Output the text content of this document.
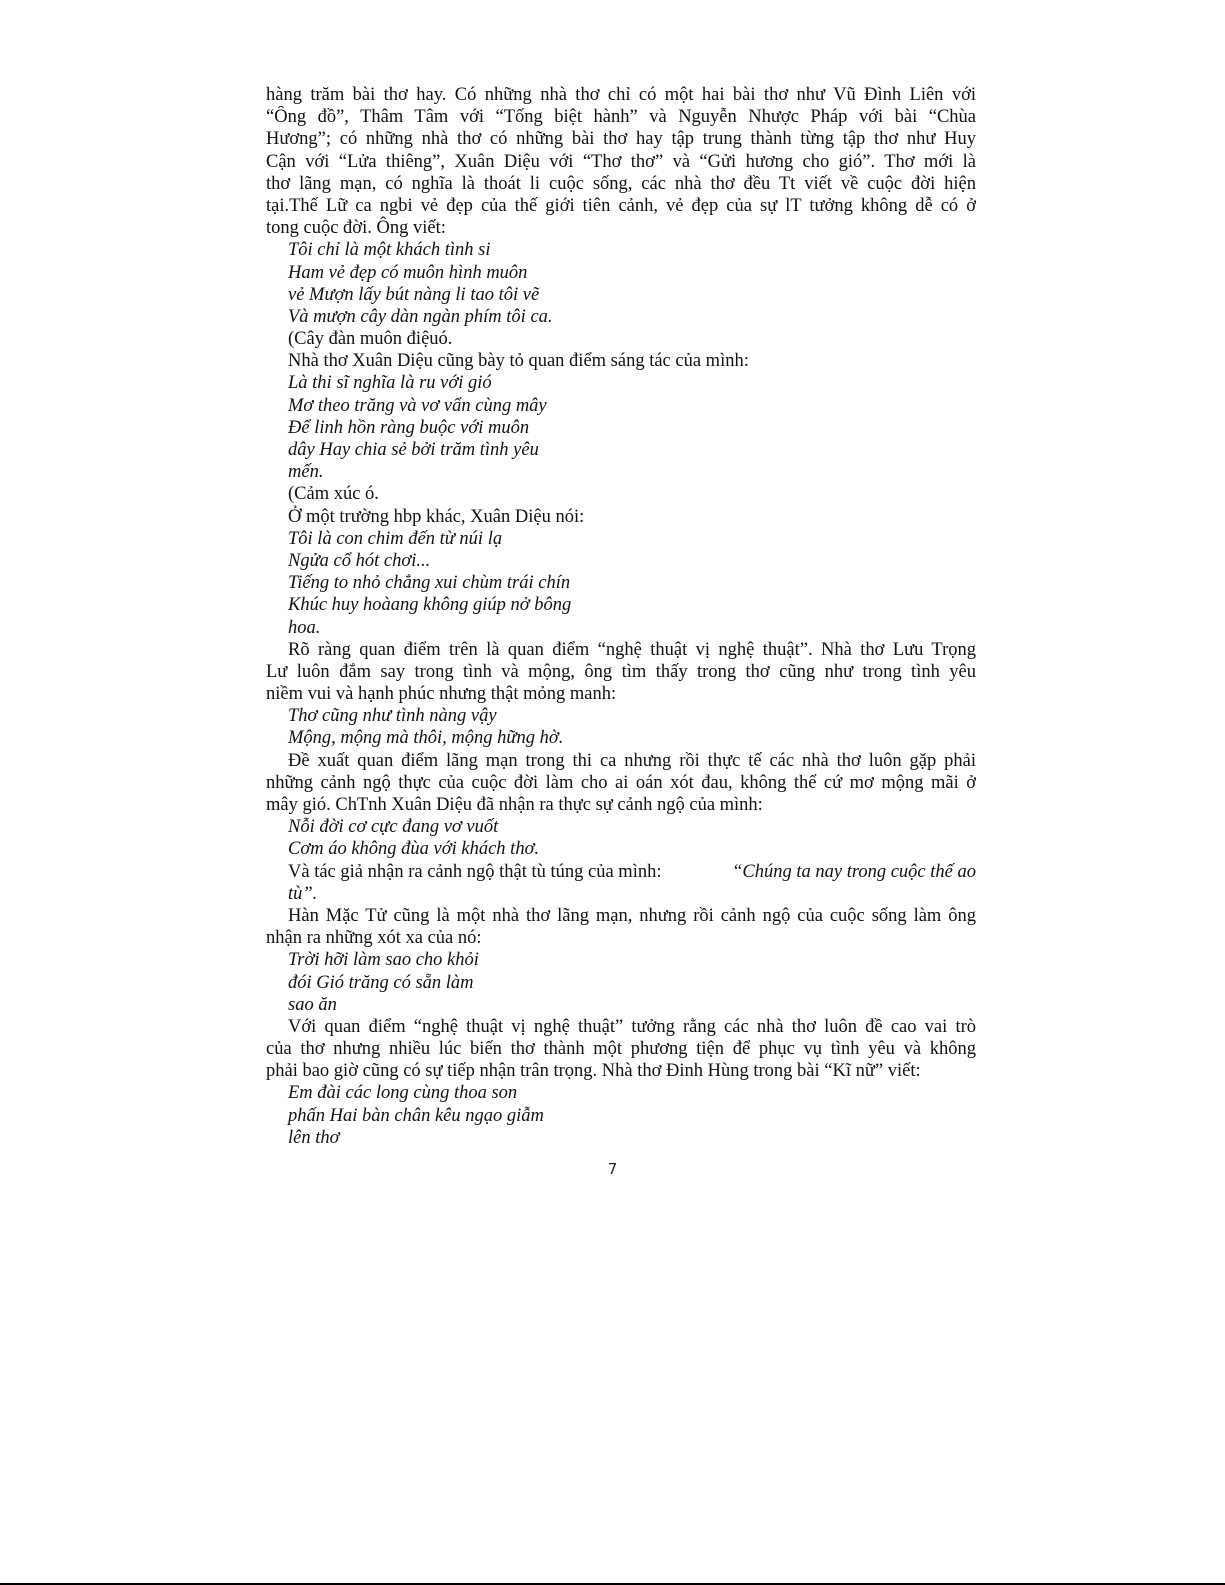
hàng trăm bài thơ hay. Có những nhà thơ chỉ có một hai bài thơ như Vũ Đình Liên với
“Ông đồ”, Thâm Tâm với “Tống biệt hành” và Nguyễn Nhược Pháp với bài “Chùa
Hương”; có những nhà thơ có những bài thơ hay tập trung thành từng tập thơ như Huy
Cận với “Lửa thiêng”, Xuân Diệu với “Thơ thơ” và “Gửi hương cho gió”. Thơ mới là
thơ lãng mạn, có nghĩa là thoát li cuộc sống, các nhà thơ đều Tt viết về cuộc đời hiện
tại.Thế Lữ ca ngbi vẻ đẹp của thế giới tiên cảnh, vẻ đẹp của sự lT tưởng không dễ có ở
tong cuộc đời. Ông viết:
Tôi chỉ là một khách tình si
Ham vẻ đẹp có muôn hình muôn
vẻ Mượn lấy bút nàng li tao tôi vẽ
Và mượn cây dàn ngàn phím tôi ca.
(Cây đàn muôn điệuó.
Nhà thơ Xuân Diệu cũng bày tỏ quan điểm sáng tác của mình:
Là thi sĩ nghĩa là ru với gió
Mơ theo trăng và vơ vẩn cùng mây
Để linh hồn ràng buộc với muôn
dây Hay chia sẻ bởi trăm tình yêu
mến.
(Cảm xúc ó.
Ở một trường hbp khác, Xuân Diệu nói:
Tôi là con chim đến từ núi lạ
Ngửa cổ hót chơi...
Tiếng to nhỏ chẳng xui chùm trái chín
Khúc huy hoàang không giúp nở bông
hoa.
Rõ ràng quan điểm trên là quan điểm “nghệ thuật vị nghệ thuật”. Nhà thơ Lưu Trọng
Lư luôn đắm say trong tình và mộng, ông tìm thấy trong thơ cũng như trong tình yêu
niềm vui và hạnh phúc nhưng thật mỏng manh:
Thơ cũng như tình nàng vậy
Mộng, mộng mà thôi, mộng hững hờ.
Đề xuất quan điểm lãng mạn trong thi ca nhưng rồi thực tế các nhà thơ luôn gặp phải
những cảnh ngộ thực của cuộc đời làm cho ai oán xót đau, không thể cứ mơ mộng mãi ở
mây gió. ChTnh Xuân Diệu đã nhận ra thực sự cảnh ngộ của mình:
Nỗi đời cơ cực đang vơ vuốt
Cơm áo không đùa với khách thơ.
Và tác giả nhận ra cảnh ngộ thật tù túng của mình:	“Chúng ta nay trong cuộc thế ao
tù”.
Hàn Mặc Tử cũng là một nhà thơ lãng mạn, nhưng rồi cảnh ngộ của cuộc sống làm ông
nhận ra những xót xa của nó:
Trời hỡi làm sao cho khỏi
đói Gió trăng có sẵn làm
sao ăn
Với quan điểm “nghệ thuật vị nghệ thuật” tưởng rằng các nhà thơ luôn đề cao vai trò
của thơ nhưng nhiều lúc biến thơ thành một phương tiện để phục vụ tình yêu và không
phải bao giờ cũng có sự tiếp nhận trân trọng. Nhà thơ Đinh Hùng trong bài “Kĩ nữ” viết:
Em đài các long cùng thoa son
phấn Hai bàn chân kêu ngạo giẫm
lên thơ
7
